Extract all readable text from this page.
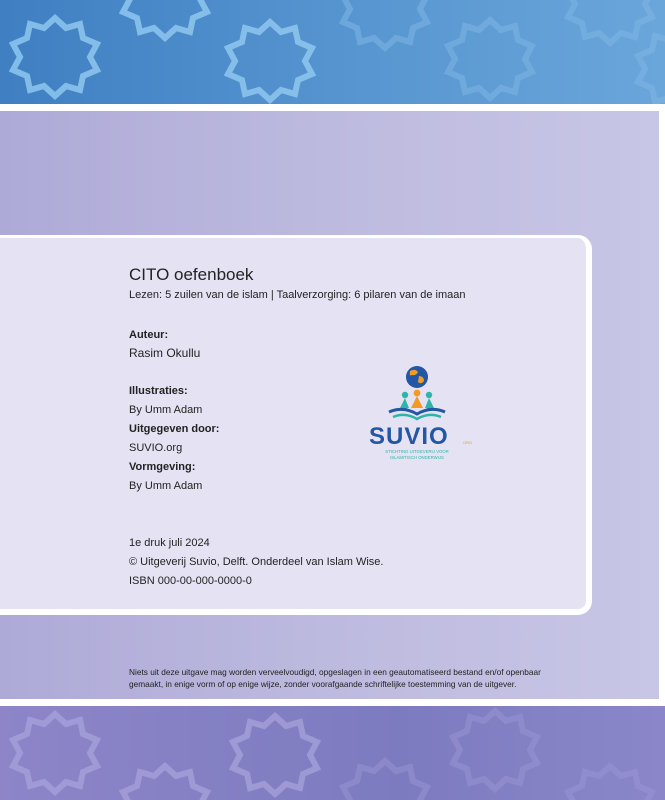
CITO oefenboek
Lezen: 5 zuilen van de islam | Taalverzorging: 6 pilaren van de imaan
Auteur:
Rasim Okullu
Illustraties:
By Umm Adam
Uitgegeven door:
SUVIO.org
Vormgeving:
By Umm Adam
1e druk juli 2024
© Uitgeverij Suvio, Delft. Onderdeel van Islam Wise.
ISBN 000-00-000-0000-0
SUVIO	ORG
STICHTING UITGEVERIJ VOOR
ISLAMITISCH ONDERWIJS
Niets uit deze uitgave mag worden verveelvoudigd, opgeslagen in een geautomatiseerd bestand en/of openbaar
gemaakt, in enige vorm of op enige wijze, zonder voorafgaande schriftelijke toestemming van de uitgever.
